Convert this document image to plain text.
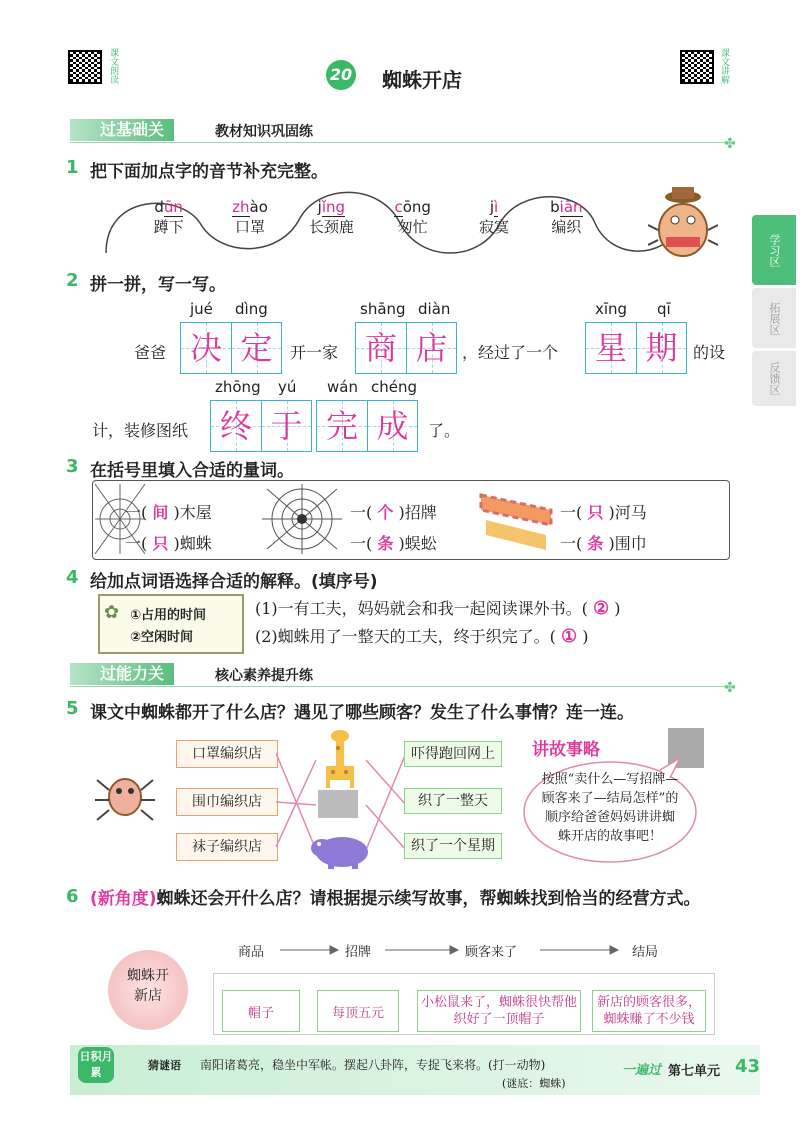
课文朗读	20 蜘蛛开店	课文讲解
学习区
拓展区
反馈区
过基础关	教材知识巩固练
✤
1 把下面加点字的音节补充完整。
dūn
蹲下
zhào
口罩
jǐng
长颈鹿
cōng
匆忙
jì
寂寞
biān
编织
2 拼一拼，写一写。
jué dìng	shāng diàn	xīng qī
爸爸 决 定	开一家 商 店 ，经过了一个 星 期 的设
zhōng yú wán chéng
计，装修图纸 终 于 完 成	了。
3 在括号里填入合适的量词。
一( 间 )木屋	一( 个 )招牌	一( 只 )河马
一( 只 )蜘蛛	一( 条 )蜈蚣	一( 条 )围巾
4 给加点词语选择合适的解释。(填序号)
✿ ①占用的时间
②空闲时间
(1)一有工夫，妈妈就会和我一起阅读课外书。( ② )
(2)蜘蛛用了一整天的工夫，终于织完了。( ① )
过能力关	核心素养提升练
✤
5 课文中蜘蛛都开了什么店？遇见了哪些顾客？发生了什么事情？连一连。
口罩编织店
围巾编织店
袜子编织店
吓得跑回网上
织了一整天
织了一个星期
讲故事略
按照“卖什么—写招牌—顾客来了—结局怎样”的顺序给爸爸妈妈讲讲蜘蛛开店的故事吧！
6 (新角度)蜘蛛还会开什么店？请根据提示续写故事，帮蜘蛛找到恰当的经营方式。
蜘蛛开新店
商品	招牌	顾客来了	结局
帽子	每顶五元
小松鼠来了，蜘蛛很快帮他织好了一顶帽子
新店的顾客很多，蜘蛛赚了不少钱
日积月累
猜谜语 南阳诸葛亮，稳坐中军帐。摆起八卦阵，专捉飞来将。(打一动物)
(谜底：蜘蛛)
一遍过 第七单元 43
